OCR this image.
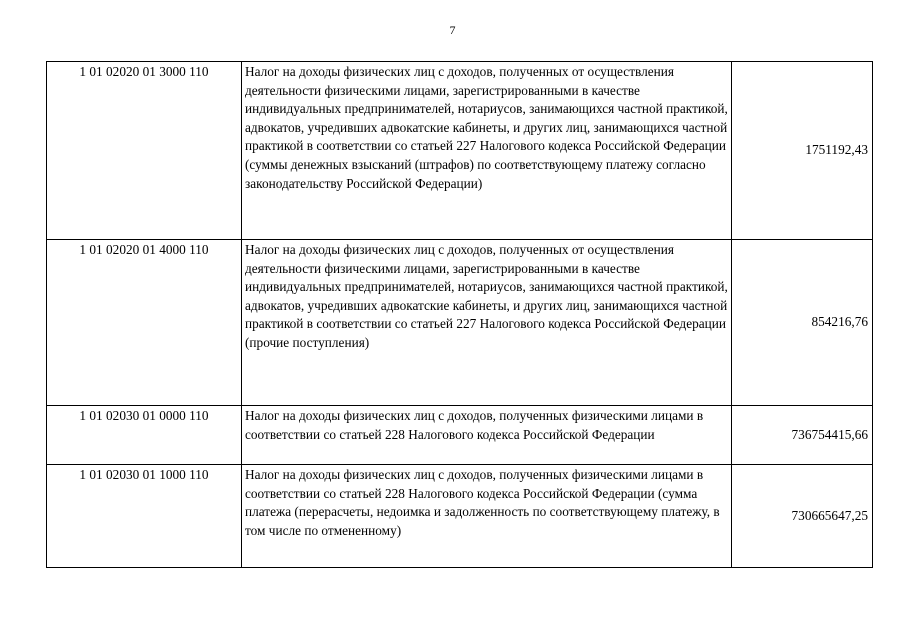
7
1 01 02020 01 3000 110	Налог на доходы физических лиц с доходов, полученных от осуществления деятельности физическими лицами, зарегистрированными в качестве индивидуальных предпринимателей, нотариусов, занимающихся частной практикой, адвокатов, учредивших адвокатские кабинеты, и других лиц, занимающихся частной практикой в соответствии со статьей 227 Налогового кодекса Российской Федерации (суммы денежных взысканий (штрафов) по соответствующему платежу согласно законодательству Российской Федерации)	1751192,43
1 01 02020 01 4000 110	Налог на доходы физических лиц с доходов, полученных от осуществления деятельности физическими лицами, зарегистрированными в качестве индивидуальных предпринимателей, нотариусов, занимающихся частной практикой, адвокатов, учредивших адвокатские кабинеты, и других лиц, занимающихся частной практикой в соответствии со статьей 227 Налогового кодекса Российской Федерации (прочие поступления)	854216,76
1 01 02030 01 0000 110	Налог на доходы физических лиц с доходов, полученных физическими лицами в соответствии со статьей 228 Налогового кодекса Российской Федерации	736754415,66
1 01 02030 01 1000 110	Налог на доходы физических лиц с доходов, полученных физическими лицами в соответствии со статьей 228 Налогового кодекса Российской Федерации (сумма платежа (перерасчеты, недоимка и задолженность по соответствующему платежу, в том числе по отмененному)	730665647,25
